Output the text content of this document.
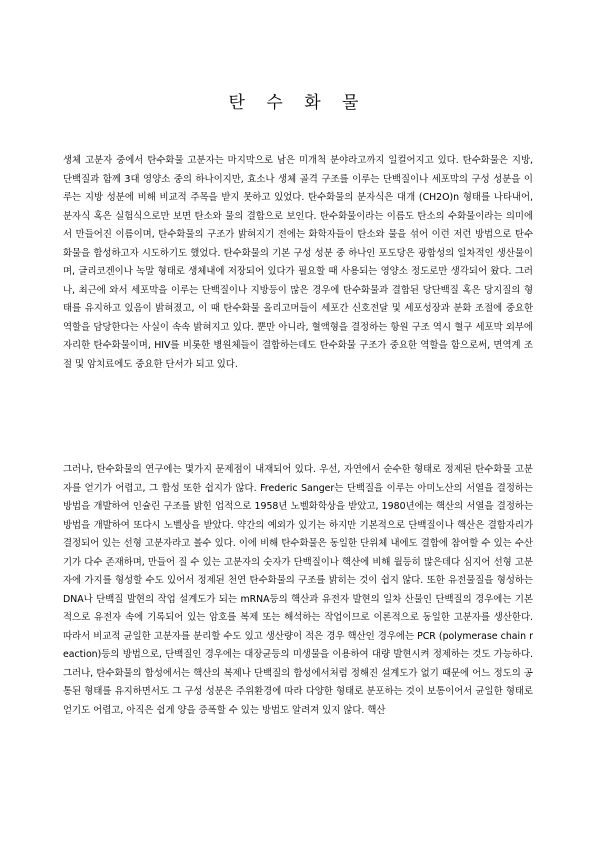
탄 수 화 물

생체 고분자 중에서 탄수화물 고분자는 마지막으로 남은 미개척 분야라고까지 일컬어지고 있다. 탄수화물은 지방, 단백질과 함께 3대 영양소 중의 하나이지만, 효소나 생체 골격 구조를 이루는 단백질이나 세포막의 구성 성분을 이루는 지방 성분에 비해 비교적 주목을 받지 못하고 있었다. 탄수화물의 분자식은 대개 (CH2O)n 형태를 나타내어, 분자식 혹은 실험식으로만 보면 탄소와 물의 결합으로 보인다. 탄수화물이라는 이름도 탄소의 수화물이라는 의미에서 만들어진 이름이며, 탄수화물의 구조가 밝혀지기 전에는 화학자들이 탄소와 물을 섞어 이런 저런 방법으로 탄수화물을 합성하고자 시도하기도 했었다. 탄수화물의 기본 구성 성분 중 하나인 포도당은 광합성의 일차적인 생산물이며, 글리코겐이나 녹말 형태로 생체내에 저장되어 있다가 필요할 때 사용되는 영양소 정도로만 생각되어 왔다. 그러나, 최근에 와서 세포막을 이루는 단백질이나 지방등이 많은 경우에 탄수화물과 결합된 당단백질 혹은 당지질의 형태를 유지하고 있음이 밝혀졌고, 이 때 탄수화물 올리고머들이 세포간 신호전달 및 세포성장과 분화 조절에 중요한 역할을 담당한다는 사실이 속속 밝혀지고 있다. 뿐만 아니라, 혈액형을 결정하는 항원 구조 역시 혈구 세포막 외부에 자리한 탄수화물이며, HIV를 비롯한 병원체들이 결합하는데도 탄수화물 구조가 중요한 역할을 함으로써, 면역계 조절 및 암치료에도 중요한 단서가 되고 있다.

그러나, 탄수화물의 연구에는 몇가지 문제점이 내재되어 있다. 우선, 자연에서 순수한 형태로 정제된 탄수화물 고분자를 얻기가 어렵고, 그 합성 또한 쉽지가 않다. Frederic Sanger는 단백질을 이루는 아미노산의 서열을 결정하는 방법을 개발하여 인슐린 구조를 밝힌 업적으로 1958년 노벨화학상을 받았고, 1980년에는 핵산의 서열을 결정하는 방법을 개발하여 또다시 노벨상을 받았다. 약간의 예외가 있기는 하지만 기본적으로 단백질이나 핵산은 결합자리가 결정되어 있는 선형 고분자라고 볼수 있다. 이에 비해 탄수화물은 동일한 단위체 내에도 결합에 참여할 수 있는 수산기가 다수 존재하며, 만들어 질 수 있는 고분자의 숫자가 단백질이나 핵산에 비해 월등히 많은데다 심지어 선형 고분자에 가지를 형성할 수도 있어서 정제된 천연 탄수화물의 구조를 밝히는 것이 쉽지 않다. 또한 유전물질을 형성하는 DNA나 단백질 발현의 작업 설계도가 되는 mRNA등의 핵산과 유전자 발현의 일차 산물인 단백질의 경우에는 기본적으로 유전자 속에 기록되어 있는 암호를 복제 또는 해석하는 작업이므로 이론적으로 동일한 고분자를 생산한다. 따라서 비교적 균일한 고분자를 분리할 수도 있고 생산량이 적은 경우 핵산인 경우에는 PCR (polymerase chain reaction)등의 방법으로, 단백질인 경우에는 대장균등의 미생물을 이용하여 대량 발현시켜 정제하는 것도 가능하다. 그러나, 탄수화물의 합성에서는 핵산의 복제나 단백질의 합성에서처럼 정해진 설계도가 없기 때문에 어느 정도의 공통된 형태를 유지하면서도 그 구성 성분은 주위환경에 따라 다양한 형태로 분포하는 것이 보통이어서 균일한 형태로 얻기도 어렵고, 아직은 쉽게 양을 증폭할 수 있는 방법도 알려져 있지 않다. 핵산
